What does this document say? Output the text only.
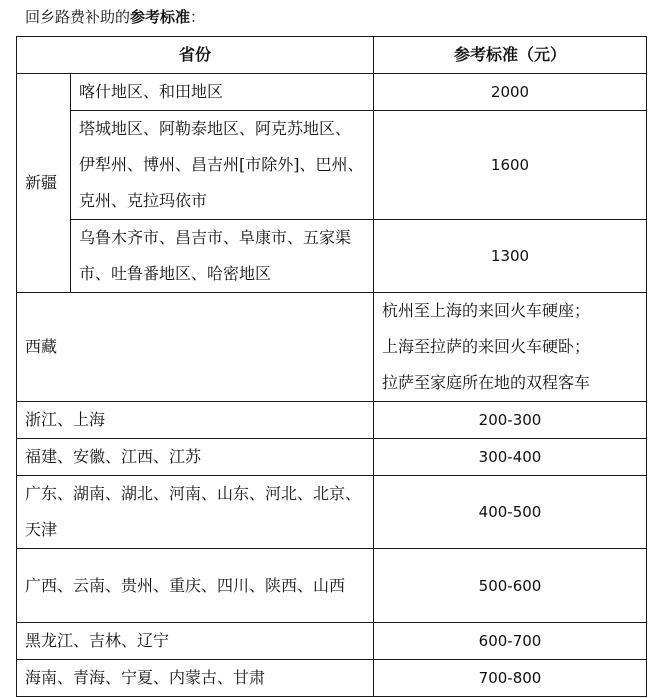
回乡路费补助的参考标准：
省份		参考标准（元）
新疆	喀什地区、和田地区	2000
	塔城地区、阿勒泰地区、阿克苏地区、伊犁州、博州、昌吉州[市除外]、巴州、克州、克拉玛依市	1600
	乌鲁木齐市、昌吉市、阜康市、五家渠市、吐鲁番地区、哈密地区	1300
西藏		杭州至上海的来回火车硬座；
上海至拉萨的来回火车硬卧；
拉萨至家庭所在地的双程客车

浙江、上海		200-300
福建、安徽、江西、江苏		300-400
广东、湖南、湖北、河南、山东、河北、北京、天津		400-500
广西、云南、贵州、重庆、四川、陕西、山西		500-600
黑龙江、吉林、辽宁		600-700
海南、青海、宁夏、内蒙古、甘肃		700-800
